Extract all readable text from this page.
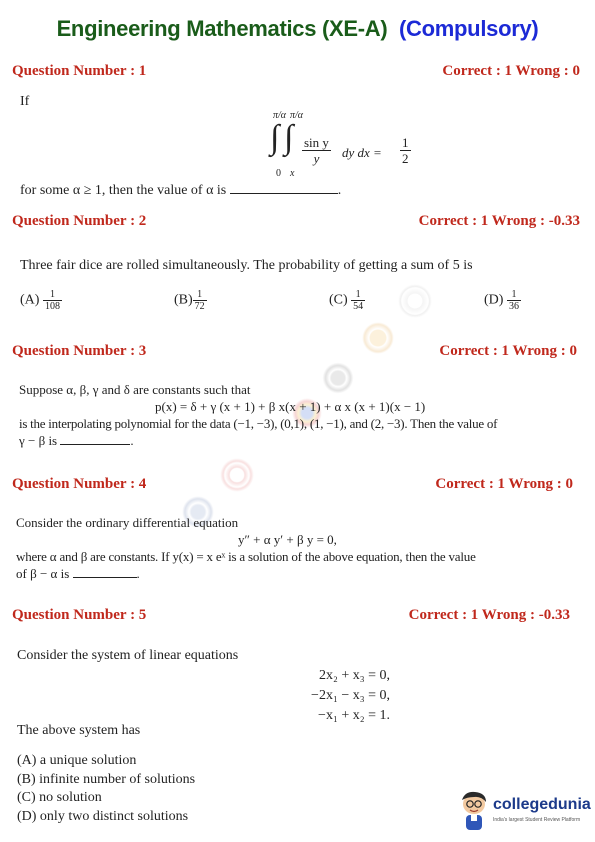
Engineering Mathematics (XE-A) (Compulsory)
Question Number : 1	Correct : 1 Wrong : 0
If
π/α π/α
∫ ∫
0 x
$\frac{\text{sin y}}{y}$ dy dx = $\frac{1}{2}$
for some α ≥ 1, then the value of α is	.
Question Number : 2	Correct : 1 Wrong : -0.33
Three fair dice are rolled simultaneously. The probability of getting a sum of 5 is
$(A) \frac{1}{108}$	$(B) \frac{1}{72}$	$(C) \frac{1}{54}$	$(D) \frac{1}{36}$
Question Number : 3	Correct : 1 Wrong : 0
Suppose α, β, γ and δ are constants such that
p(x) = δ + γ (x + 1) + β x(x + 1) + α x (x + 1)(x − 1)
is the interpolating polynomial for the data (−1, −3), (0,1), (1, −1), and (2, −3). Then the value of
γ − β is	.
Question Number : 4	Correct : 1 Wrong : 0
Consider the ordinary differential equation
y″ + α y′ + β y = 0,
where α and β are constants. If y(x) = x eˣ is a solution of the above equation, then the value
of β − α is	.
Question Number : 5	Correct : 1 Wrong : -0.33
Consider the system of linear equations
2x₂ + x₃ = 0,
−2x₁ − x₃ = 0,
−x₁ + x₂ = 1.
The above system has
(A) a unique solution
(B) infinite number of solutions
(C) no solution
(D) only two distinct solutions
collegedunia
India's largest Student Review Platform
